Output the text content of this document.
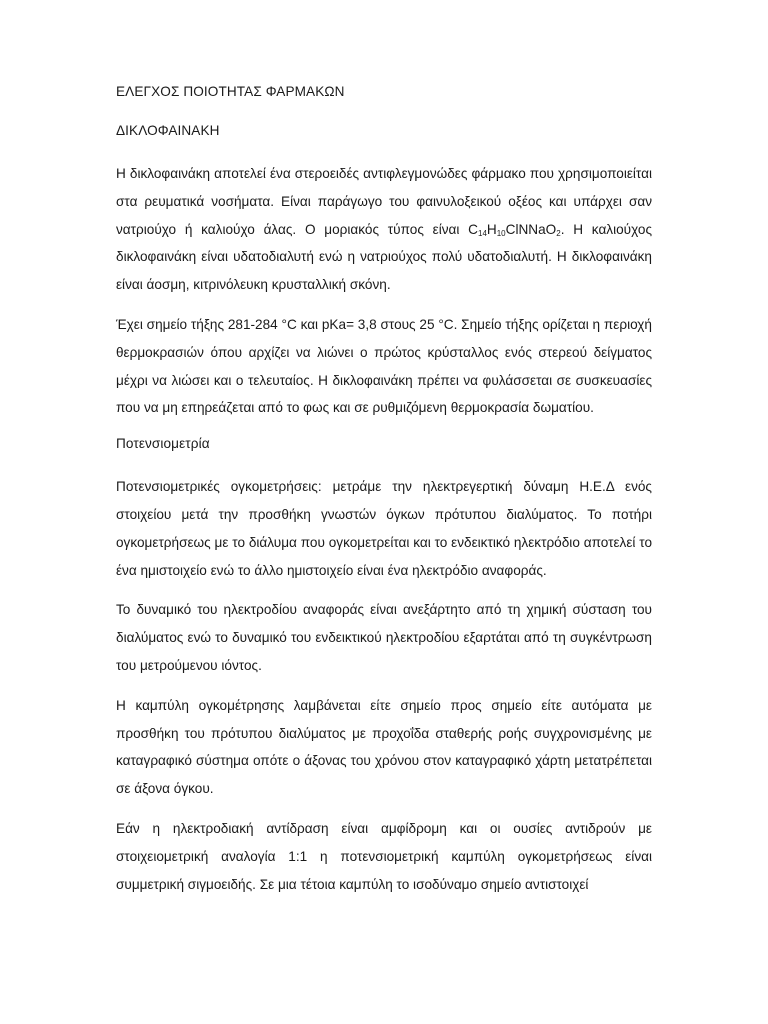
ΕΛΕΓΧΟΣ ΠΟΙΟΤΗΤΑΣ ΦΑΡΜΑΚΩΝ

ΔΙΚΛΟΦΑΙΝΑΚΗ

Η δικλοφαινάκη αποτελεί ένα στεροειδές αντιφλεγμονώδες φάρμακο που χρησιμοποιείται στα ρευματικά νοσήματα. Είναι παράγωγο του φαινυλοξεικού οξέος και υπάρχει σαν νατριούχο ή καλιούχο άλας. Ο μοριακός τύπος είναι $C_{14}H_{10}ClNNaO_2$. Η καλιούχος δικλοφαινάκη είναι υδατοδιαλυτή ενώ η νατριούχος πολύ υδατοδιαλυτή. Η δικλοφαινάκη είναι άοσμη, κιτρινόλευκη κρυσταλλική σκόνη.

Έχει σημείο τήξης 281-284 °C και pKa= 3,8 στους 25 °C. Σημείο τήξης ορίζεται η περιοχή θερμοκρασιών όπου αρχίζει να λιώνει ο πρώτος κρύσταλλος ενός στερεού δείγματος μέχρι να λιώσει και ο τελευταίος. Η δικλοφαινάκη πρέπει να φυλάσσεται σε συσκευασίες που να μη επηρεάζεται από το φως και σε ρυθμιζόμενη θερμοκρασία δωματίου.

Ποτενσιομετρία

Ποτενσιομετρικές ογκομετρήσεις: μετράμε την ηλεκτρεγερτική δύναμη Η.Ε.Δ ενός στοιχείου μετά την προσθήκη γνωστών όγκων πρότυπου διαλύματος. Το ποτήρι ογκομετρήσεως με το διάλυμα που ογκομετρείται και το ενδεικτικό ηλεκτρόδιο αποτελεί το ένα ημιστοιχείο ενώ το άλλο ημιστοιχείο είναι ένα ηλεκτρόδιο αναφοράς.

Το δυναμικό του ηλεκτροδίου αναφοράς είναι ανεξάρτητο από τη χημική σύσταση του διαλύματος ενώ το δυναμικό του ενδεικτικού ηλεκτροδίου εξαρτάται από τη συγκέντρωση του μετρούμενου ιόντος.

Η καμπύλη ογκομέτρησης λαμβάνεται είτε σημείο προς σημείο είτε αυτόματα με προσθήκη του πρότυπου διαλύματος με προχοΐδα σταθερής ροής συγχρονισμένης με καταγραφικό σύστημα οπότε ο άξονας του χρόνου στον καταγραφικό χάρτη μετατρέπεται σε άξονα όγκου.

Εάν η ηλεκτροδιακή αντίδραση είναι αμφίδρομη και οι ουσίες αντιδρούν με στοιχειομετρική αναλογία 1:1 η ποτενσιομετρική καμπύλη ογκομετρήσεως είναι συμμετρική σιγμοειδής. Σε μια τέτοια καμπύλη το ισοδύναμο σημείο αντιστοιχεί
